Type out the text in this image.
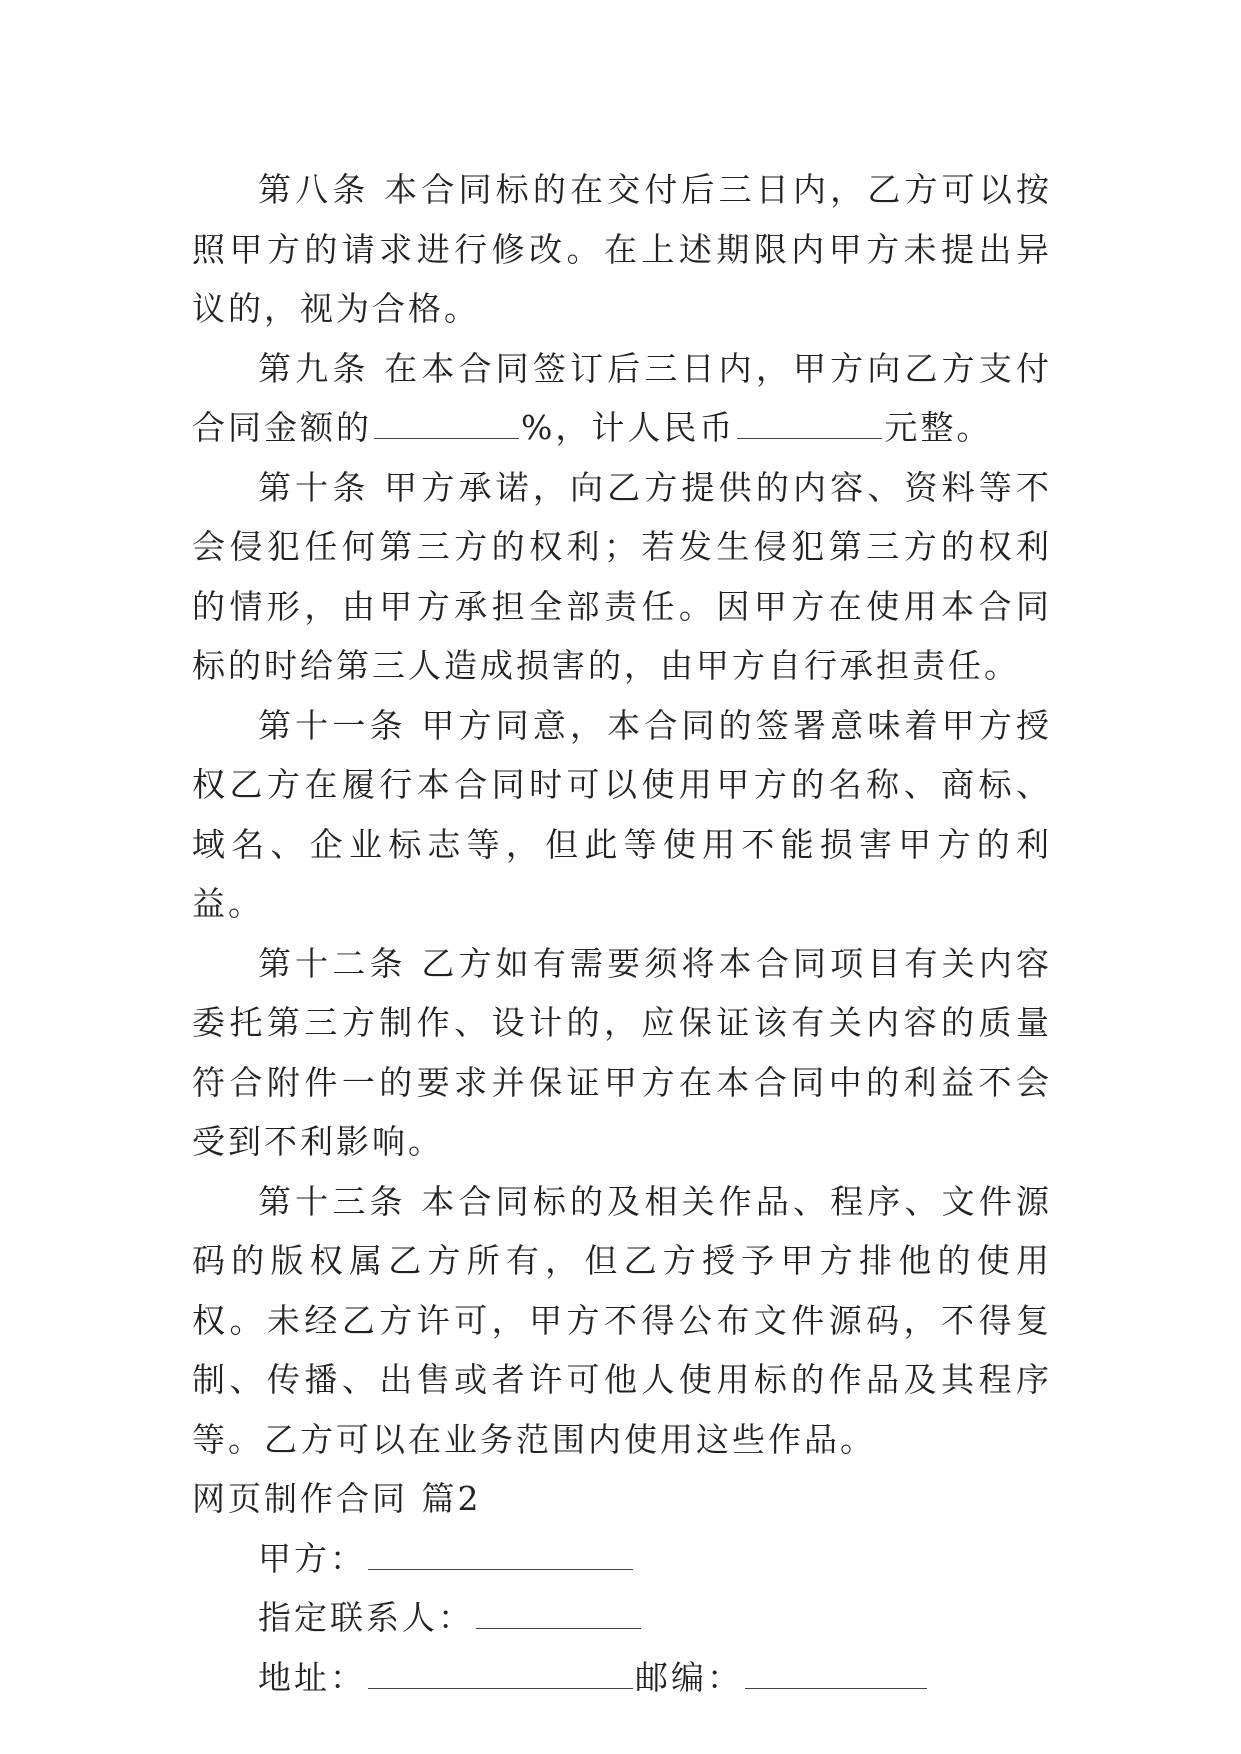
第八条 本合同标的在交付后三日内，乙方可以按照甲方的请求进行修改。在上述期限内甲方未提出异议的，视为合格。

第九条 在本合同签订后三日内，甲方向乙方支付合同金额的	%，计人民币	元整。

第十条 甲方承诺，向乙方提供的内容、资料等不会侵犯任何第三方的权利；若发生侵犯第三方的权利的情形，由甲方承担全部责任。因甲方在使用本合同标的时给第三人造成损害的，由甲方自行承担责任。

第十一条 甲方同意，本合同的签署意味着甲方授权乙方在履行本合同时可以使用甲方的名称、商标、域名、企业标志等，但此等使用不能损害甲方的利益。

第十二条 乙方如有需要须将本合同项目有关内容委托第三方制作、设计的，应保证该有关内容的质量符合附件一的要求并保证甲方在本合同中的利益不会受到不利影响。

第十三条 本合同标的及相关作品、程序、文件源码的版权属乙方所有，但乙方授予甲方排他的使用权。未经乙方许可，甲方不得公布文件源码，不得复制、传播、出售或者许可他人使用标的作品及其程序等。乙方可以在业务范围内使用这些作品。

网页制作合同 篇2

甲方：

指定联系人：

地址：	邮编：
